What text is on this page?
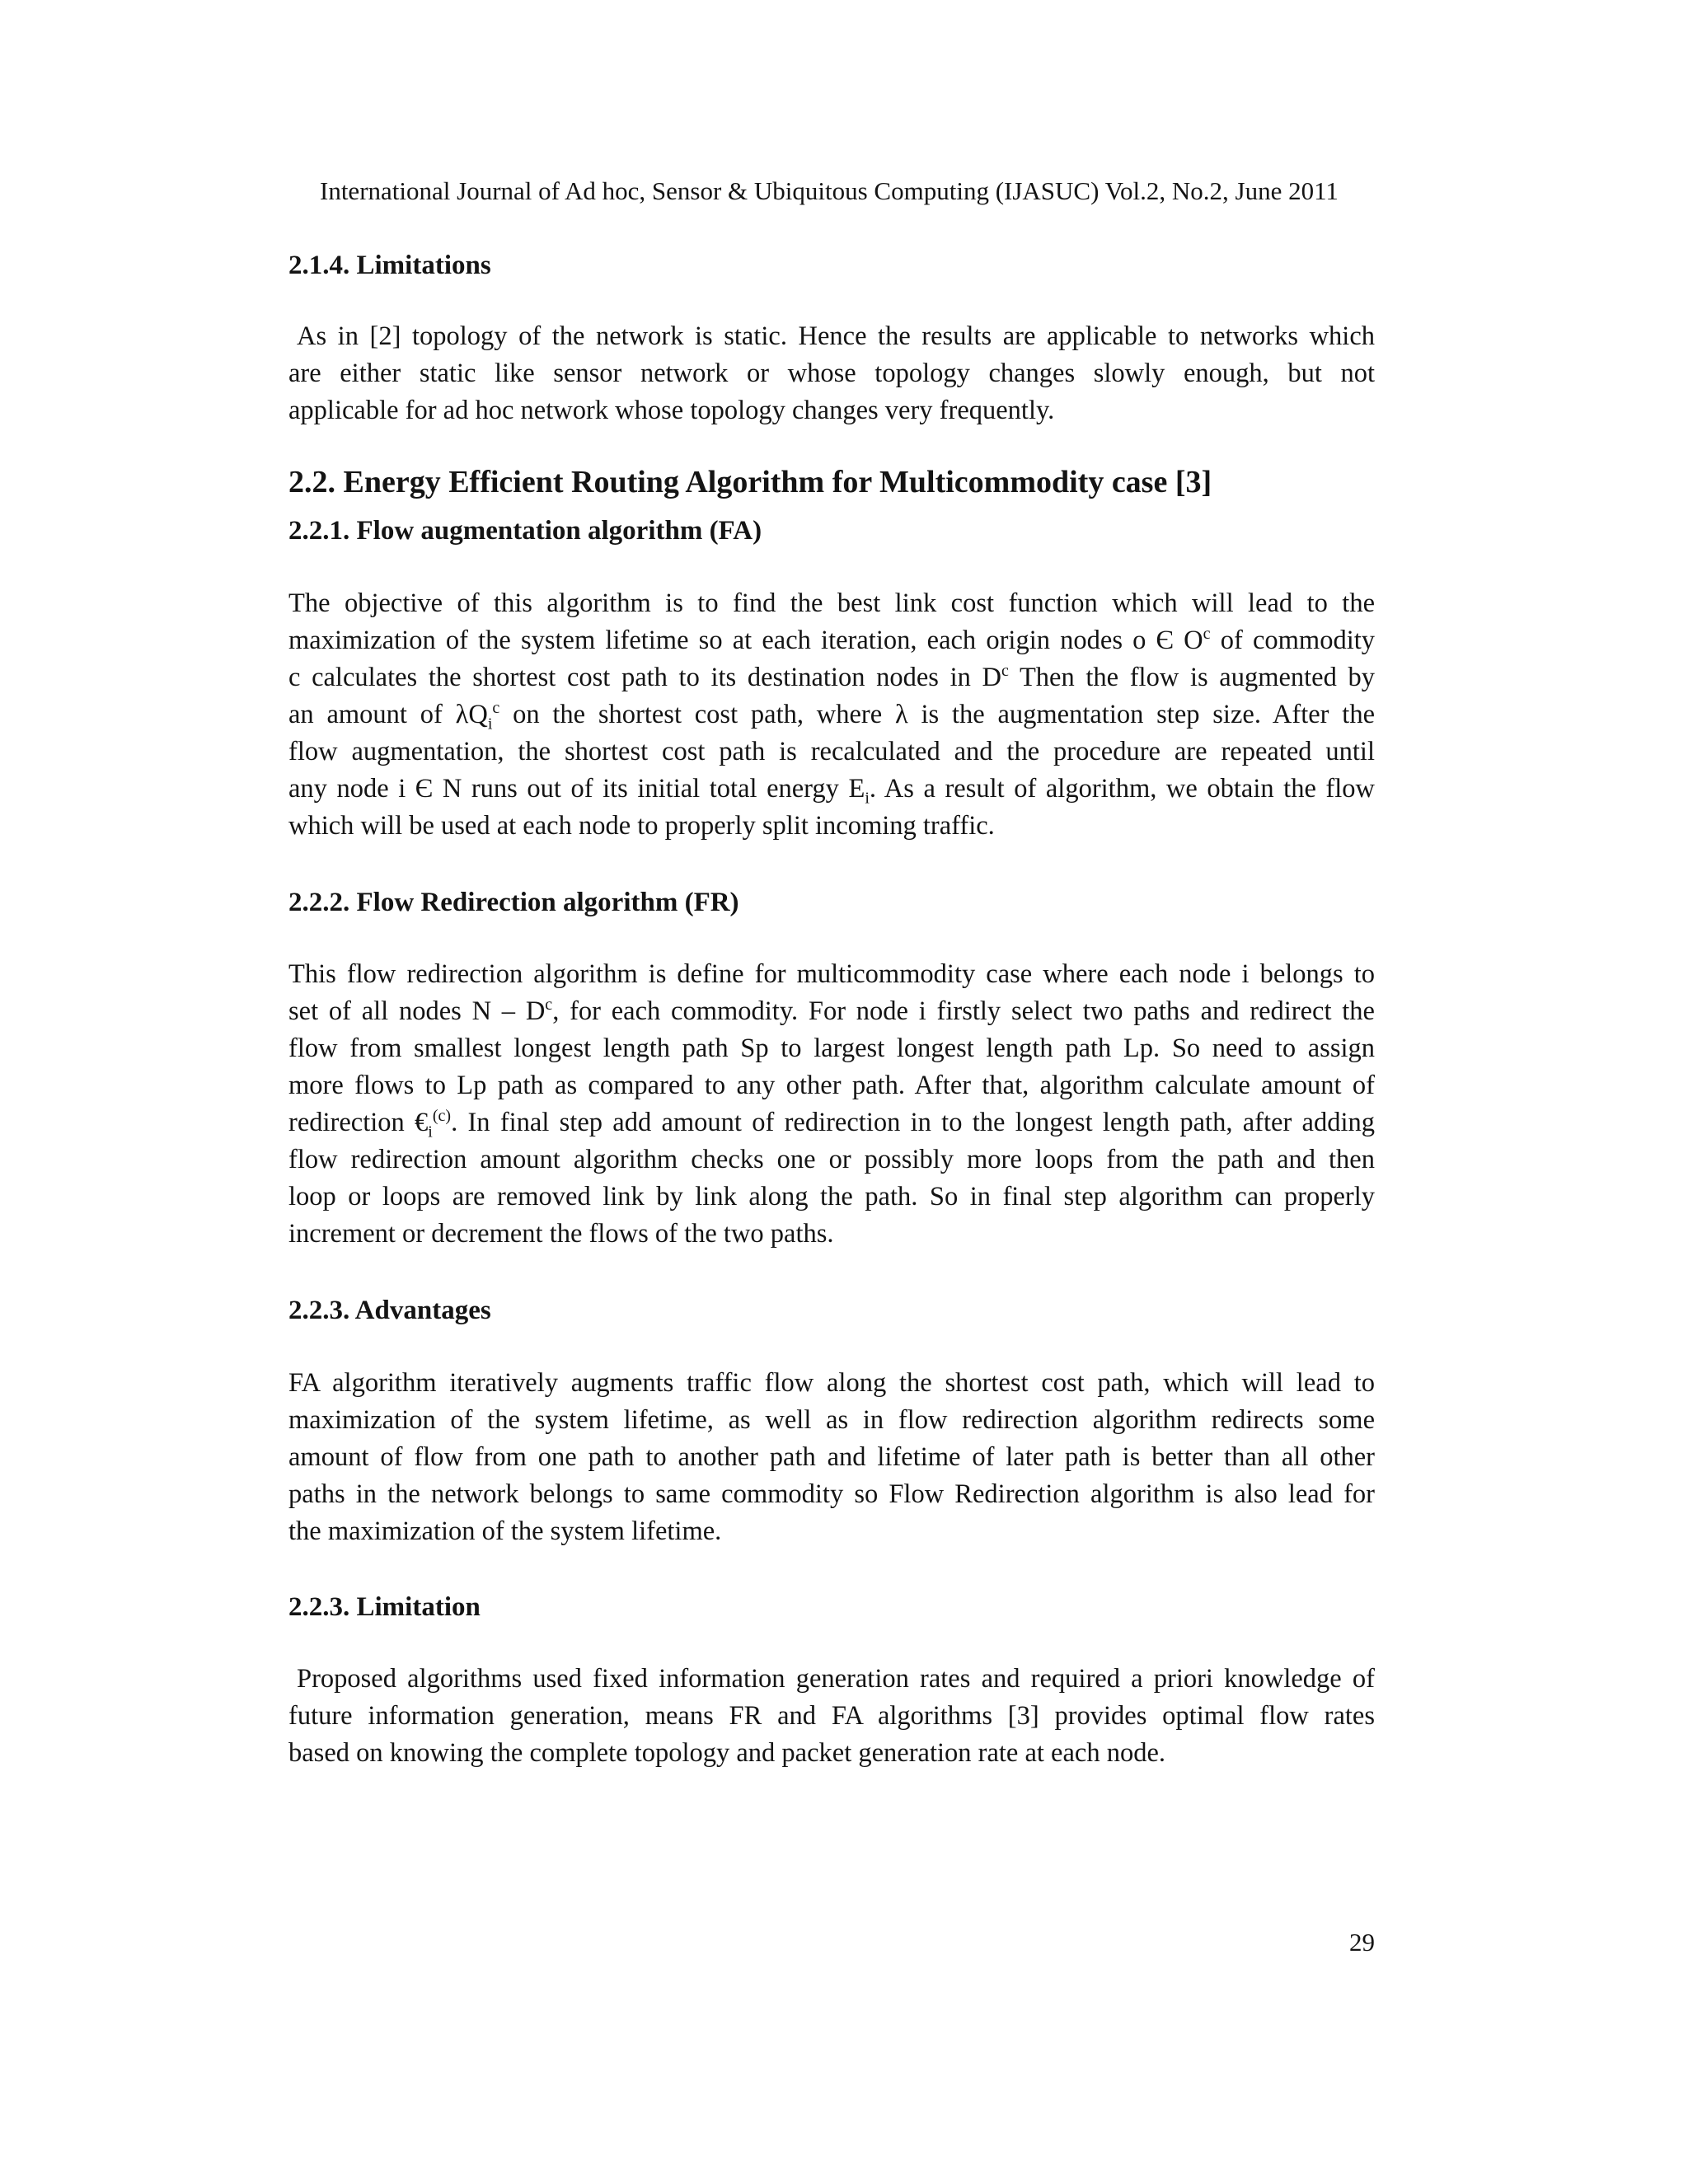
International Journal of Ad hoc, Sensor & Ubiquitous Computing (IJASUC) Vol.2, No.2, June 2011
2.1.4. Limitations
As in [2] topology of the network is static. Hence the results are applicable to networks which
are either static like sensor network or whose topology changes slowly enough, but not
applicable for ad hoc network whose topology changes very frequently.
2.2. Energy Efficient Routing Algorithm for Multicommodity case [3]
2.2.1. Flow augmentation algorithm (FA)
The objective of this algorithm is to find the best link cost function which will lead to the
maximization of the system lifetime so at each iteration, each origin nodes o Є $O^c$ of commodity
c calculates the shortest cost path to its destination nodes in $D^c$ Then the flow is augmented by
an amount of $\lambda Q_i^c$ on the shortest cost path, where λ is the augmentation step size. After the
flow augmentation, the shortest cost path is recalculated and the procedure are repeated until
any node i Є N runs out of its initial total energy $E_i$. As a result of algorithm, we obtain the flow
which will be used at each node to properly split incoming traffic.
2.2.2. Flow Redirection algorithm (FR)
This flow redirection algorithm is define for multicommodity case where each node i belongs to
set of all nodes N – $D^c$, for each commodity. For node i firstly select two paths and redirect the
flow from smallest longest length path Sp to largest longest length path Lp. So need to assign
more flows to Lp path as compared to any other path. After that, algorithm calculate amount of
redirection $€_i^{(c)}$. In final step add amount of redirection in to the longest length path, after adding
flow redirection amount algorithm checks one or possibly more loops from the path and then
loop or loops are removed link by link along the path. So in final step algorithm can properly
increment or decrement the flows of the two paths.
2.2.3. Advantages
FA algorithm iteratively augments traffic flow along the shortest cost path, which will lead to
maximization of the system lifetime, as well as in flow redirection algorithm redirects some
amount of flow from one path to another path and lifetime of later path is better than all other
paths in the network belongs to same commodity so Flow Redirection algorithm is also lead for
the maximization of the system lifetime.
2.2.3. Limitation
Proposed algorithms used fixed information generation rates and required a priori knowledge of
future information generation, means FR and FA algorithms [3] provides optimal flow rates
based on knowing the complete topology and packet generation rate at each node.
29
